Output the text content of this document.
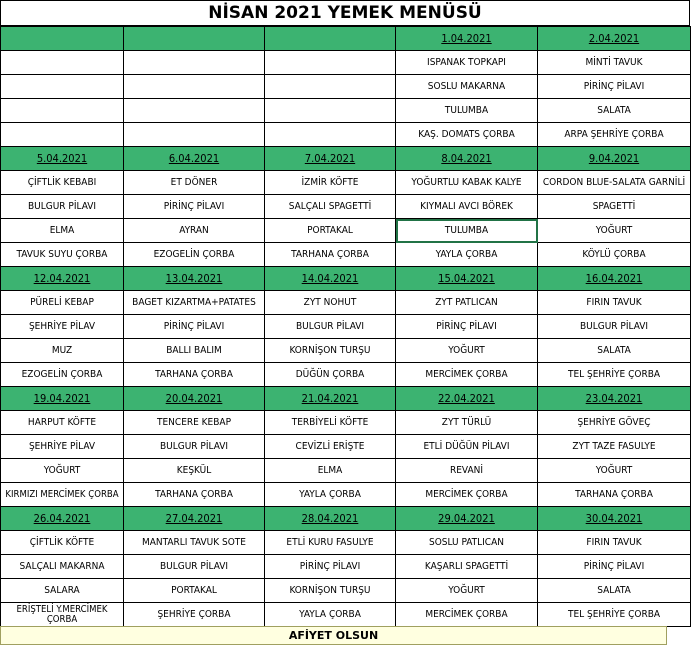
NİSAN 2021 YEMEK MENÜSÜ
			1.04.2021	2.04.2021
			ISPANAK TOPKAPI	MİNTİ TAVUK
			SOSLU MAKARNA	PİRİNÇ PİLAVI
			TULUMBA	SALATA
			KAŞ. DOMATS ÇORBA	ARPA ŞEHRİYE ÇORBA
5.04.2021	6.04.2021	7.04.2021	8.04.2021	9.04.2021
ÇİFTLİK KEBABI	ET DÖNER	İZMİR KÖFTE	YOĞURTLU KABAK KALYE	CORDON BLUE-SALATA GARNİLİ
BULGUR PİLAVI	PİRİNÇ PİLAVI	SALÇALI SPAGETTİ	KIYMALI AVCI BÖREK	SPAGETTİ
ELMA	AYRAN	PORTAKAL	TULUMBA	YOĞURT
TAVUK SUYU ÇORBA	EZOGELİN ÇORBA	TARHANA ÇORBA	YAYLA ÇORBA	KÖYLÜ ÇORBA
12.04.2021	13.04.2021	14.04.2021	15.04.2021	16.04.2021
PÜRELİ KEBAP	BAGET KIZARTMA+PATATES	ZYT NOHUT	ZYT PATLICAN	FIRIN TAVUK
ŞEHRİYE PİLAV	PİRİNÇ PİLAVI	BULGUR PİLAVI	PİRİNÇ PİLAVI	BULGUR PİLAVI
MUZ	BALLI BALIM	KORNİŞON TURŞU	YOĞURT	SALATA
EZOGELİN ÇORBA	TARHANA ÇORBA	DÜĞÜN ÇORBA	MERCİMEK ÇORBA	TEL ŞEHRİYE ÇORBA
19.04.2021	20.04.2021	21.04.2021	22.04.2021	23.04.2021
HARPUT KÖFTE	TENCERE KEBAP	TERBİYELİ KÖFTE	ZYT TÜRLÜ	ŞEHRİYE GÖVEÇ
ŞEHRİYE PİLAV	BULGUR PİLAVI	CEVİZLİ ERİŞTE	ETLİ DÜĞÜN PİLAVI	ZYT TAZE FASULYE
YOĞURT	KEŞKÜL	ELMA	REVANİ	YOĞURT
KIRMIZI MERCİMEK ÇORBA	TARHANA ÇORBA	YAYLA ÇORBA	MERCİMEK ÇORBA	TARHANA ÇORBA
26.04.2021	27.04.2021	28.04.2021	29.04.2021	30.04.2021
ÇİFTLİK KÖFTE	MANTARLI TAVUK SOTE	ETLİ KURU FASULYE	SOSLU PATLICAN	FIRIN TAVUK
SALÇALI MAKARNA	BULGUR PİLAVI	PİRİNÇ PİLAVI	KAŞARLI SPAGETTİ	PİRİNÇ PİLAVI
SALARA	PORTAKAL	KORNİŞON TURŞU	YOĞURT	SALATA
ERİŞTELİ Y.MERCİMEK ÇORBA	ŞEHRİYE ÇORBA	YAYLA ÇORBA	MERCİMEK ÇORBA	TEL ŞEHRİYE ÇORBA
AFİYET OLSUN
